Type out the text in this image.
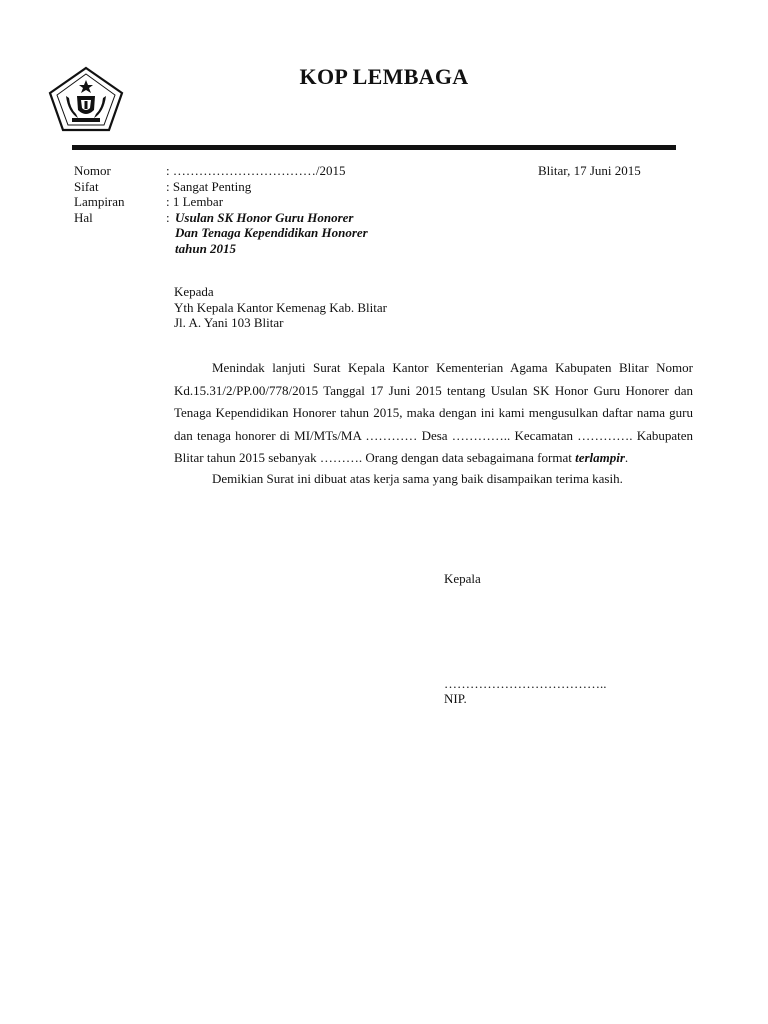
KOP LEMBAGA
Nomor	: ……………………………/2015
Sifat	: Sangat Penting
Lampiran	: 1 Lembar
Hal	: Usulan SK Honor Guru Honorer
Dan Tenaga Kependidikan Honorer
tahun 2015
Blitar, 17 Juni 2015
Kepada
Yth Kepala Kantor Kemenag Kab. Blitar
Jl. A. Yani 103 Blitar

Menindak lanjuti Surat Kepala Kantor Kementerian Agama Kabupaten Blitar Nomor Kd.15.31/2/PP.00/778/2015 Tanggal 17 Juni 2015 tentang Usulan SK Honor Guru Honorer dan Tenaga Kependidikan Honorer tahun 2015, maka dengan ini kami mengusulkan daftar nama guru dan tenaga honorer di MI/MTs/MA ………… Desa ………….. Kecamatan …………. Kabupaten Blitar tahun 2015 sebanyak ………. Orang dengan data sebagaimana format terlampir.

Demikian Surat ini dibuat atas kerja sama yang baik disampaikan terima kasih.

Kepala
………………………………..
NIP.
